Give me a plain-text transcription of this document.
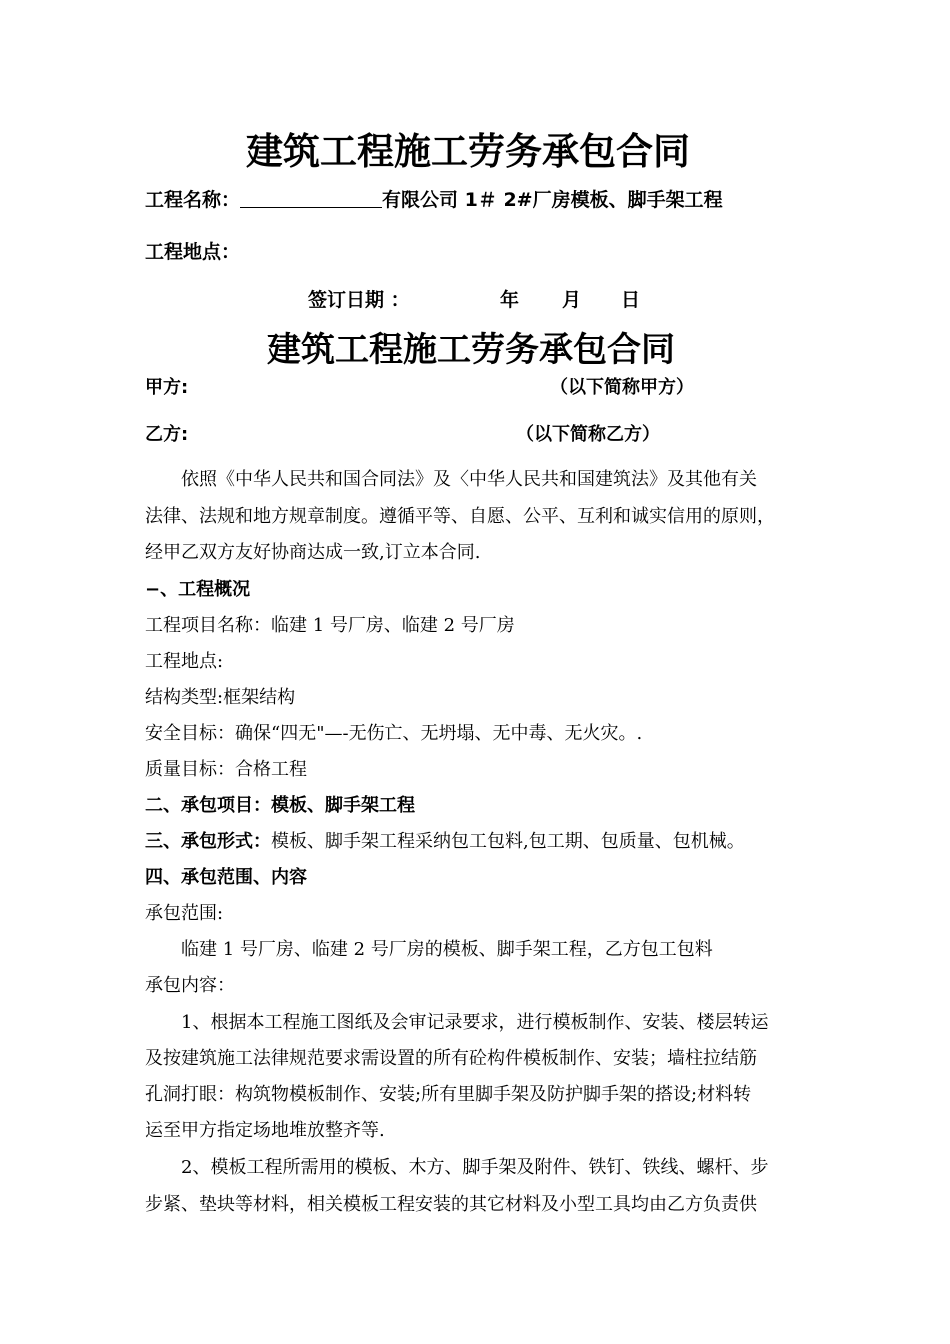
建筑工程施工劳务承包合同
工程名称：	有限公司 1＃ 2#厂房模板、脚手架工程
工程地点：
签订日期 ：	年 月 日
建筑工程施工劳务承包合同
甲方:	（以下简称甲方）
乙方:	（以下简称乙方）
依照《中华人民共和国合同法》及〈中华人民共和国建筑法》及其他有关
法律、法规和地方规章制度。遵循平等、自愿、公平、互利和诚实信用的原则，
经甲乙双方友好协商达成一致,订立本合同.
−、工程概况
工程项目名称：临建 1 号厂房、临建 2 号厂房
工程地点:
结构类型:框架结构
安全目标：确保“四无"—-无伤亡、无坍塌、无中毒、无火灾。.
质量目标：合格工程
二、承包项目：模板、脚手架工程
三、承包形式：模板、脚手架工程采纳包工包料,包工期、包质量、包机械。
四、承包范围、内容
承包范围:
临建 1 号厂房、临建 2 号厂房的模板、脚手架工程，乙方包工包料
承包内容：
1、根据本工程施工图纸及会审记录要求，进行模板制作、安装、楼层转运
及按建筑施工法律规范要求需设置的所有砼构件模板制作、安装；墙柱拉结筋
孔洞打眼：构筑物模板制作、安装;所有里脚手架及防护脚手架的搭设;材料转
运至甲方指定场地堆放整齐等.
2、模板工程所需用的模板、木方、脚手架及附件、铁钉、铁线、螺杆、步
步紧、垫块等材料，相关模板工程安装的其它材料及小型工具均由乙方负责供
